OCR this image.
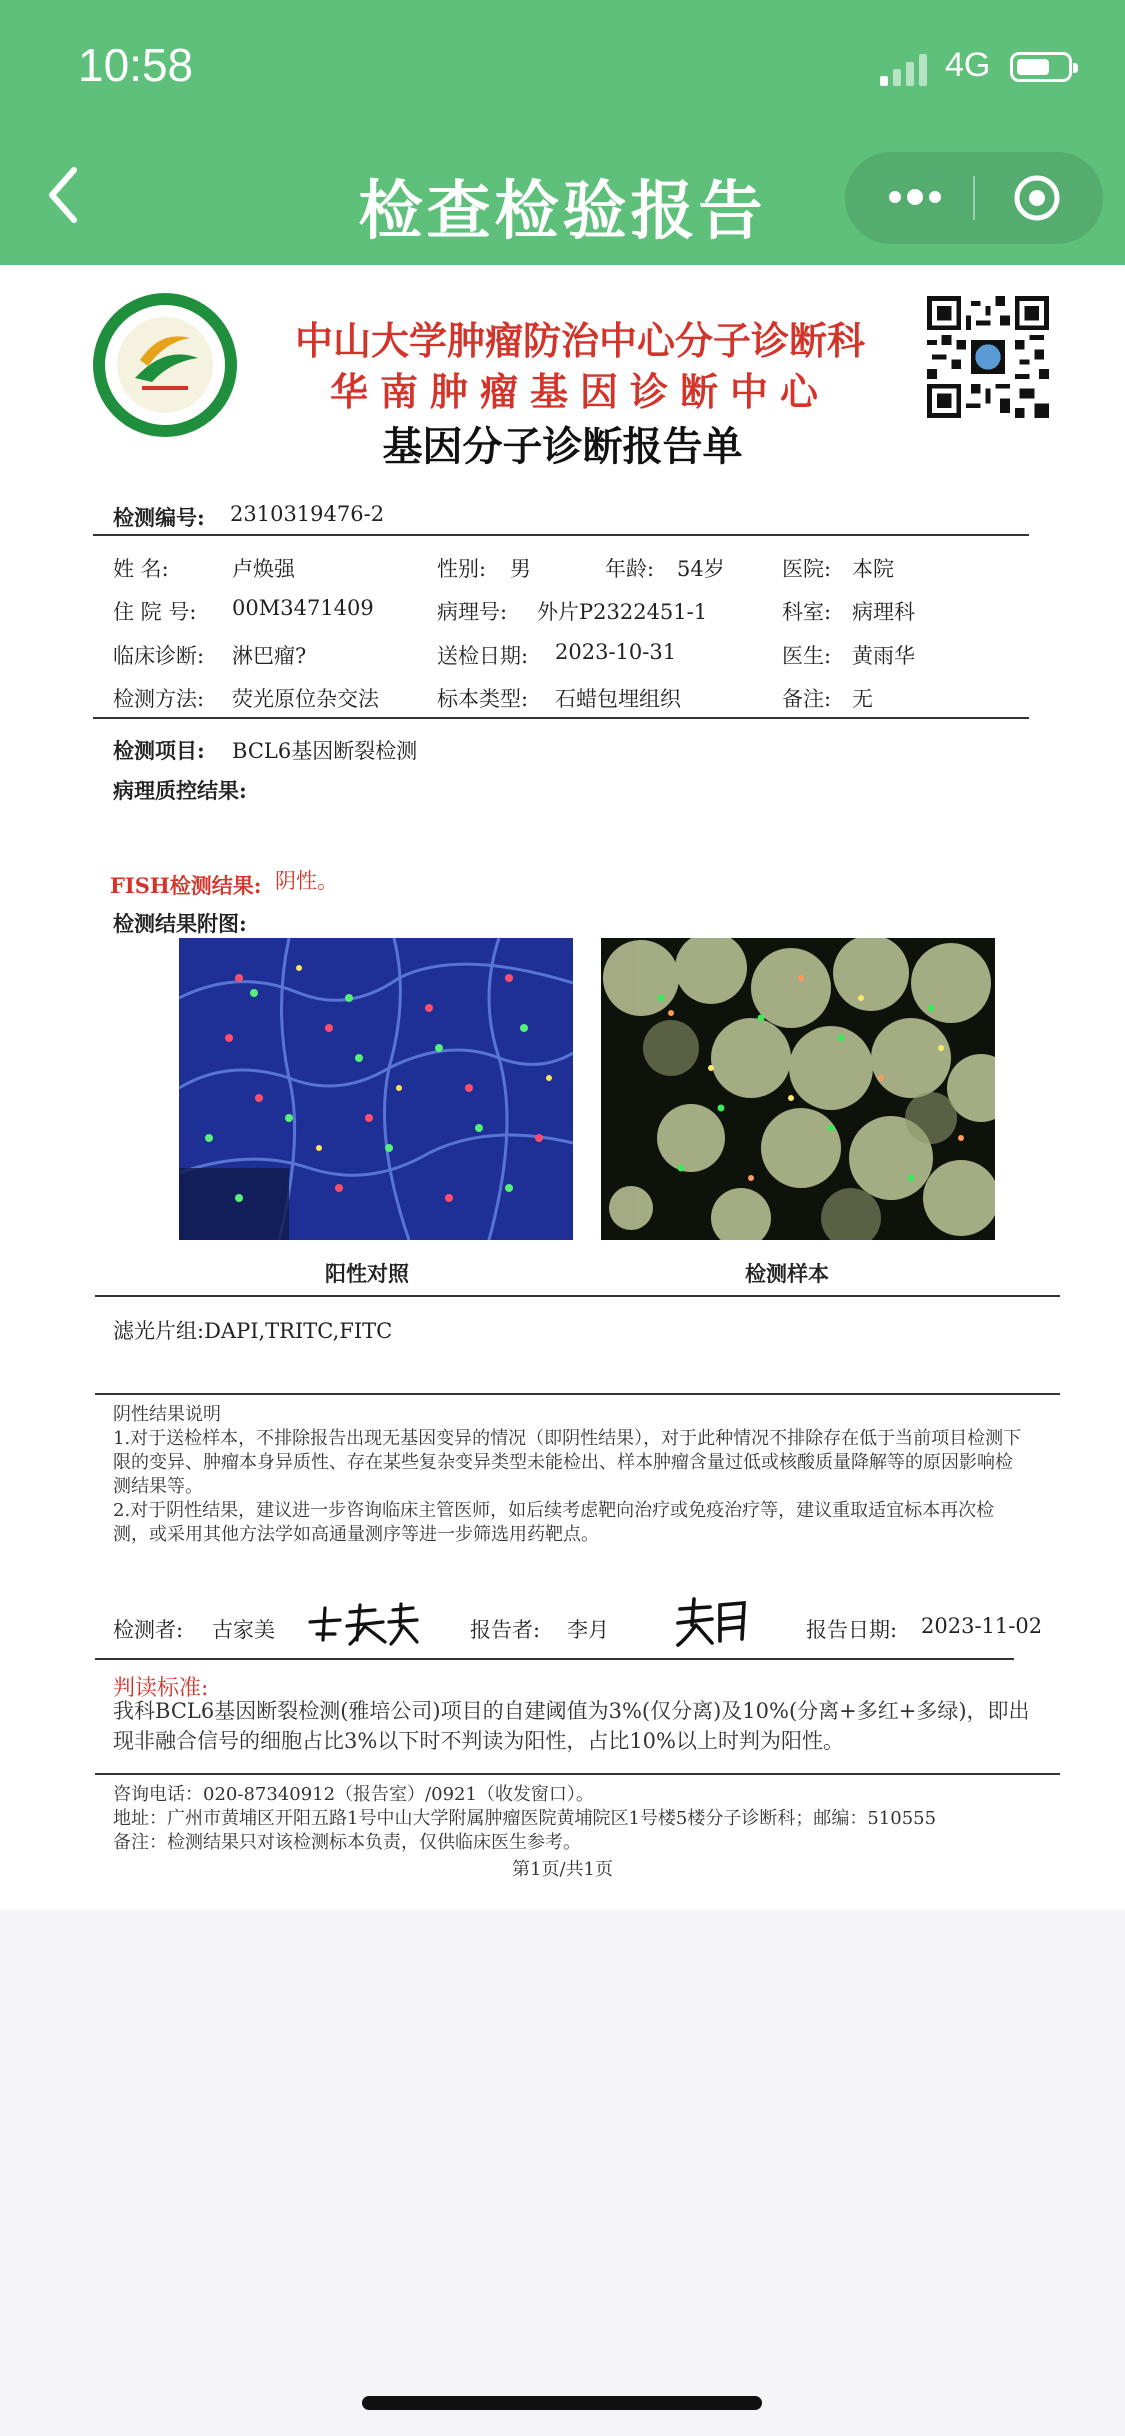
10:58	4G
检查检验报告
中山大学肿瘤防治中心分子诊断科
华南肿瘤基因诊断中心
基因分子诊断报告单
检测编号: 2310319476-2
姓 名:	卢焕强	性别: 男	年龄: 54岁	医院: 本院
住 院 号: 00M3471409	病理号: 外片P2322451-1	科室: 病理科
临床诊断: 淋巴瘤?	送检日期: 2023-10-31	医生: 黄雨华
检测方法: 荧光原位杂交法	标本类型: 石蜡包埋组织	备注: 无
检测项目: BCL6基因断裂检测
病理质控结果:
FISH检测结果: 阴性。
检测结果附图:
阳性对照	检测样本
滤光片组:DAPI,TRITC,FITC
阴性结果说明
1.对于送检样本，不排除报告出现无基因变异的情况（即阴性结果），对于此种情况不排除存在低于当前项目检测下限的变异、肿瘤本身异质性、存在某些复杂变异类型未能检出、样本肿瘤含量过低或核酸质量降解等的原因影响检测结果等。
2.对于阴性结果，建议进一步咨询临床主管医师，如后续考虑靶向治疗或免疫治疗等，建议重取适宜标本再次检测，或采用其他方法学如高通量测序等进一步筛选用药靶点。
检测者: 古家美	报告者: 李月	报告日期: 2023-11-02
判读标准:
我科BCL6基因断裂检测(雅培公司)项目的自建阈值为3%(仅分离)及10%(分离+多红+多绿)，即出现非融合信号的细胞占比3%以下时不判读为阳性，占比10%以上时判为阳性。
咨询电话：020-87340912（报告室）/0921（收发窗口）。
地址：广州市黄埔区开阳五路1号中山大学附属肿瘤医院黄埔院区1号楼5楼分子诊断科；邮编：510555
备注：检测结果只对该检测标本负责，仅供临床医生参考。
第1页/共1页
